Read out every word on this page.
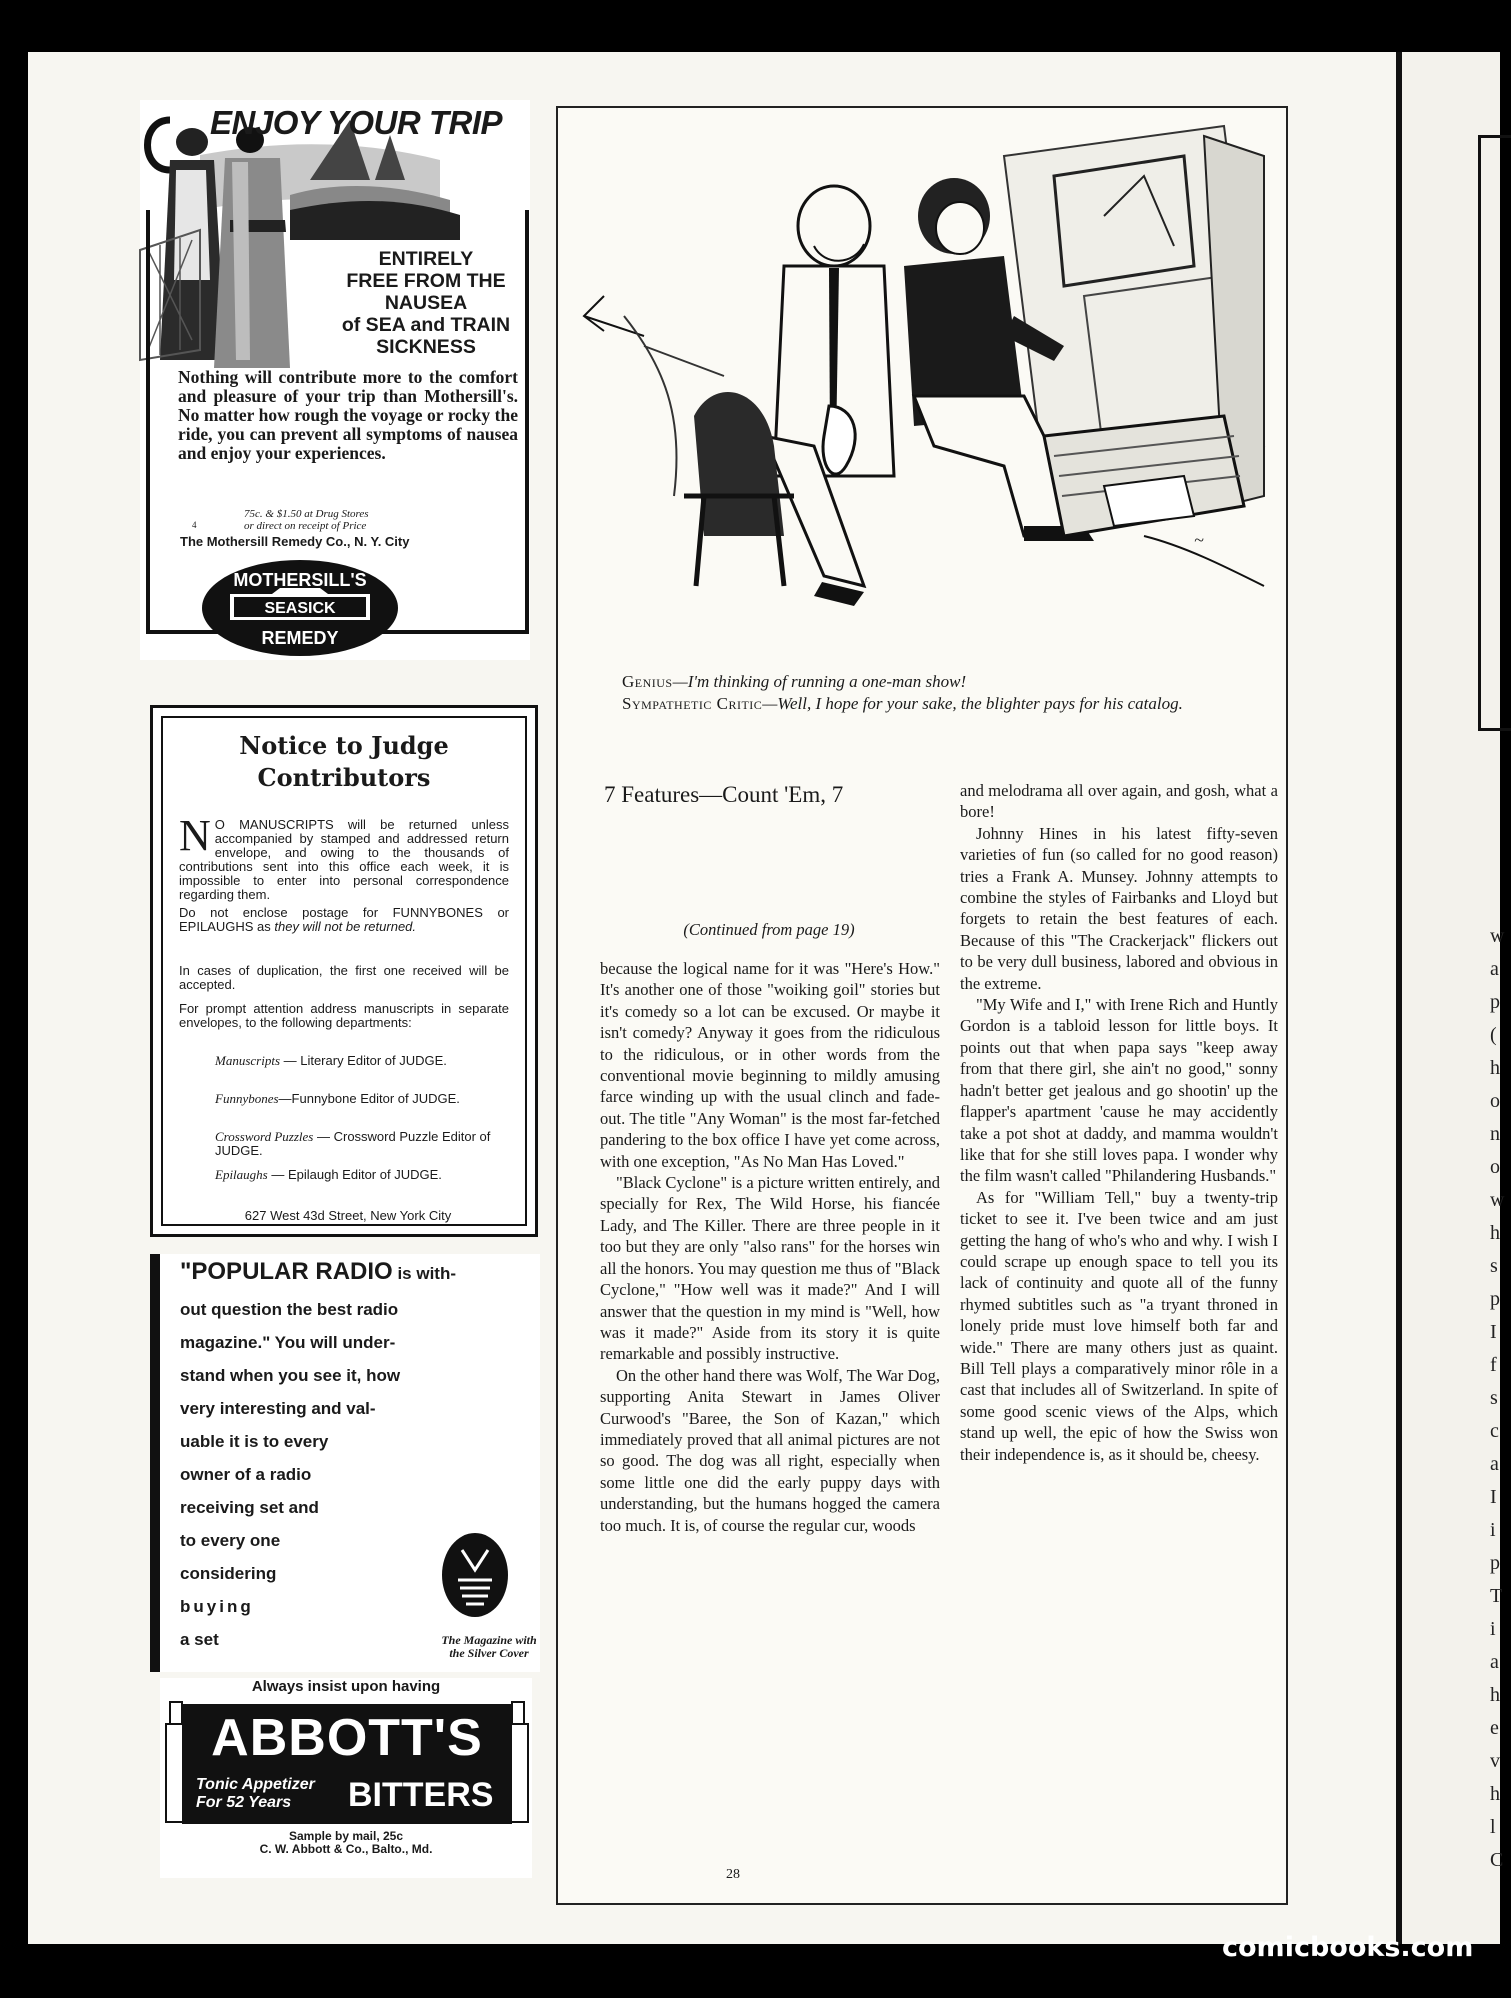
w
a
p
(
h
o
n
o
w
h
s
p
I
f
s
c
a
I
i
p
T
i
a
h
e
v
h
l
C
ENJOY YOUR TRIP
ENTIRELY
FREE FROM THE
NAUSEA
of SEA and TRAIN
SICKNESS
Nothing will contribute more to the comfort and pleasure of your trip than Mothersill's. No matter how rough the voyage or rocky the ride, you can prevent all symptoms of nausea and enjoy your experiences.
4
75c. & $1.50 at Drug Stores
or direct on receipt of Price
The Mothersill Remedy Co., N. Y. City
MOTHERSILL'S
SEASICK
REMEDY
Notice to Judge
Contributors
N O MANUSCRIPTS will be returned unless accompanied by stamped and addressed return envelope, and owing to the thousands of contributions sent into this office each week, it is impossible to enter into personal correspondence regarding them.
Do not enclose postage for FUNNYBONES or EPILAUGHS as they will not be returned.
In cases of duplication, the first one received will be accepted.
For prompt attention address manuscripts in separate envelopes, to the following departments:
Manuscripts — Literary Editor of JUDGE.
Funnybones—Funnybone Editor of JUDGE.
Crossword Puzzles — Crossword Puzzle Editor of JUDGE.
Epilaughs — Epilaugh Editor of JUDGE.
627 West 43d Street, New York City
"POPULAR RADIO is with-
out question the best radio
magazine." You will under-
stand when you see it, how
very interesting and val-
uable it is to every
owner of a radio
receiving set and
to every one
considering
buying
a set	The Magazine with
the Silver Cover
Always insist upon having
ABBOTT'S
Tonic Appetizer
For 52 Years	BITTERS
Sample by mail, 25c
C. W. Abbott & Co., Balto., Md.
~
Genius—I'm thinking of running a one-man show!
Sympathetic Critic—Well, I hope for your sake, the blighter pays for his catalog.
7 Features—Count 'Em, 7
(Continued from page 19)

because the logical name for it was "Here's How." It's another one of those "woiking goil" stories but it's comedy so a lot can be excused. Or maybe it isn't comedy? Anyway it goes from the ridiculous to the ridiculous, or in other words from the conventional movie beginning to mildly amusing farce winding up with the usual clinch and fade-out. The title "Any Woman" is the most far-fetched pandering to the box office I have yet come across, with one exception, "As No Man Has Loved."

"Black Cyclone" is a picture written entirely, and specially for Rex, The Wild Horse, his fiancée Lady, and The Killer. There are three people in it too but they are only "also rans" for the horses win all the honors. You may question me thus of "Black Cyclone," "How well was it made?" And I will answer that the question in my mind is "Well, how was it made?" Aside from its story it is quite remarkable and possibly instructive.

On the other hand there was Wolf, The War Dog, supporting Anita Stewart in James Oliver Curwood's "Baree, the Son of Kazan," which immediately proved that all animal pictures are not so good. The dog was all right, especially when some little one did the early puppy days with understanding, but the humans hogged the camera too much. It is, of course the regular cur, woods

and melodrama all over again, and gosh, what a bore!

Johnny Hines in his latest fifty-seven varieties of fun (so called for no good reason) tries a Frank A. Munsey. Johnny attempts to combine the styles of Fairbanks and Lloyd but forgets to retain the best features of each. Because of this "The Crackerjack" flickers out to be very dull business, labored and obvious in the extreme.

"My Wife and I," with Irene Rich and Huntly Gordon is a tabloid lesson for little boys. It points out that when papa says "keep away from that there girl, she ain't no good," sonny hadn't better get jealous and go shootin' up the flapper's apartment 'cause he may accidently take a pot shot at daddy, and mamma wouldn't like that for she still loves papa. I wonder why the film wasn't called "Philandering Husbands."

As for "William Tell," buy a twenty-trip ticket to see it. I've been twice and am just getting the hang of who's who and why. I wish I could scrape up enough space to tell you its lack of continuity and quote all of the funny rhymed subtitles such as "a tryant throned in lonely pride must love himself both far and wide." There are many others just as quaint. Bill Tell plays a comparatively minor rôle in a cast that includes all of Switzerland. In spite of some good scenic views of the Alps, which stand up well, the epic of how the Swiss won their independence is, as it should be, cheesy.

28
comicbooks.com
